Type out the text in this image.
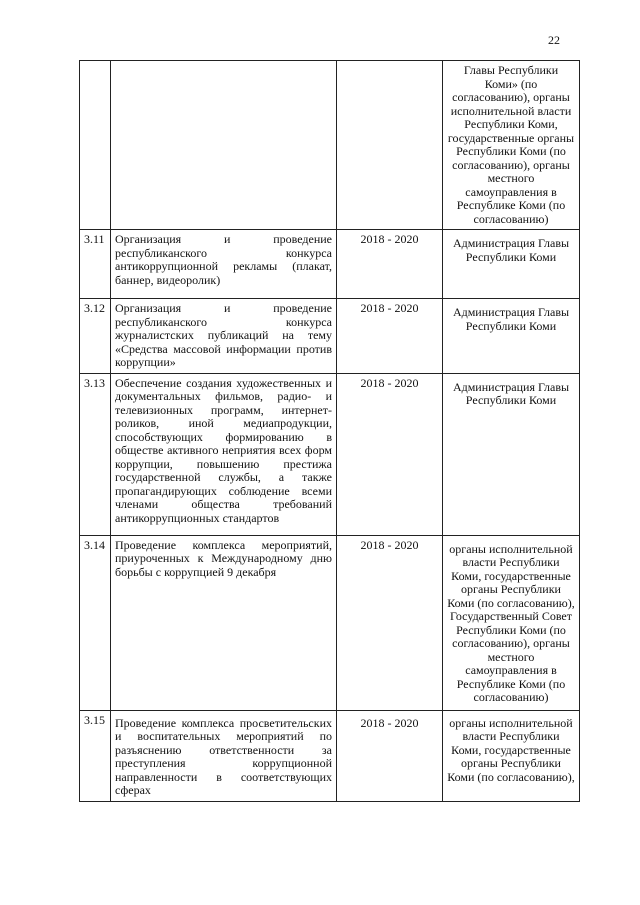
22
			Главы Республики Коми» (по согласованию), органы исполнительной власти Республики Коми, государственные органы Республики Коми (по согласованию), органы местного самоуправления в Республике Коми (по согласованию)
3.11	Организация и проведение республиканского конкурса антикоррупционной рекламы (плакат, баннер, видеоролик)	2018 - 2020	Администрация Главы Республики Коми
3.12	Организация и проведение республиканского конкурса журналистских публикаций на тему «Средства массовой информации против коррупции»	2018 - 2020	Администрация Главы Республики Коми
3.13	Обеспечение создания художественных и документальных фильмов, радио- и телевизионных программ, интернет-роликов, иной медиапродукции, способствующих формированию в обществе активного неприятия всех форм коррупции, повышению престижа государственной службы, а также пропагандирующих соблюдение всеми членами общества требований антикоррупционных стандартов	2018 - 2020	Администрация Главы Республики Коми
3.14	Проведение комплекса мероприятий, приуроченных к Международному дню борьбы с коррупцией 9 декабря	2018 - 2020	органы исполнительной власти Республики Коми, государственные органы Республики Коми (по согласованию), Государственный Совет Республики Коми (по согласованию), органы местного самоуправления в Республике Коми (по согласованию)
3.15	Проведение комплекса просветительских и воспитательных мероприятий по разъяснению ответственности за преступления коррупционной направленности в соответствующих сферах	2018 - 2020	органы исполнительной власти Республики Коми, государственные органы Республики Коми (по согласованию),
